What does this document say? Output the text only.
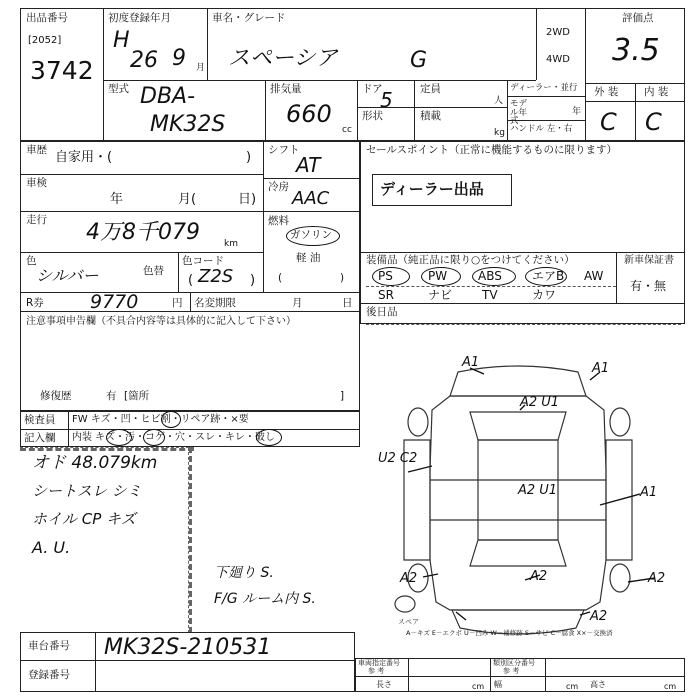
出品番号
[2052]
3742
初度登録年月
H
26 9 月
車名・グレード
スペーシア	G
2WD
4WD
評価点
3.5
外 装 内 装
C C
型式 DBA-
MK32S
排気量
660
cc
ドア
5
形状
定員
人
積載
kg
ディーラー・並行
モデル年式
年
ハンドル 左・右
車歴 自家用・(	)
車検
年	月(	日)
走行 4万8千079	km
色
シルバー	色替
色コード
( Z2S )
R券 9770	円 名変期限	月	日
注意事項申告欄（不具合内容等は具体的に記入して下さい）
修復歴	有 [箇所	]
シフト
AT
冷房
AAC
燃料
ガソリン
軽 油
(	)
セールスポイント（正常に機能するものに限ります）
ディーラー出品
装備品（純正品に限り○をつけてください）	新車保証書
有・無
PS	PW	ABS	エアB AW
SR	ナビ TV	カワ
後日品
検査員
記入欄
FW キズ・凹・ヒビ割・リペア跡・×要
内装 キズ・汚・コゲ・穴・スレ・キレ・破し
オド 48.079km
シートスレ シミ
ホイル CP キズ
A. U.
下廻り S.
F/G ルーム内 S.
A1	A1
A2 U1
U2 C2
A2 U1	A1
A2
A2	A2
A2
スペア
A－キズ E－エクボ U－凹み W－補修跡 S－サビ C－腐食 X×－交換済
車台番号 MK32S-210531
登録番号
車両指定番号
参 考
類別区分番号
参 考
長さ	cm 幅	cm 高さ	cm
